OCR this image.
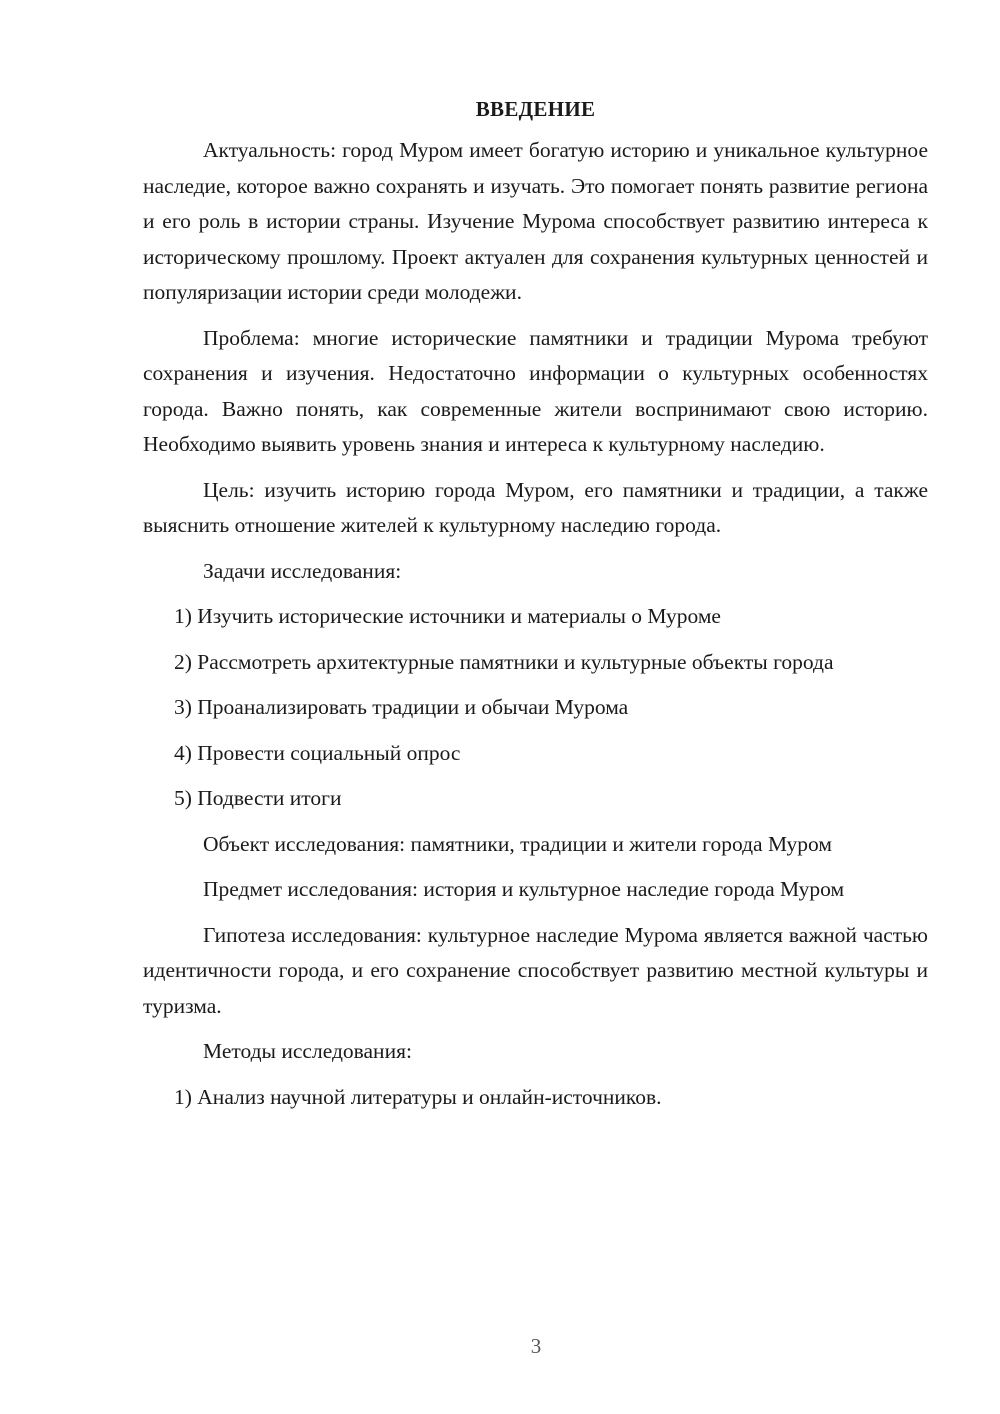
ВВЕДЕНИЕ

Актуальность: город Муром имеет богатую историю и уникальное культурное наследие, которое важно сохранять и изучать. Это помогает понять развитие региона и его роль в истории страны. Изучение Мурома способствует развитию интереса к историческому прошлому. Проект актуален для сохранения культурных ценностей и популяризации истории среди молодежи.

Проблема: многие исторические памятники и традиции Мурома требуют сохранения и изучения. Недостаточно информации о культурных особенностях города. Важно понять, как современные жители воспринимают свою историю. Необходимо выявить уровень знания и интереса к культурному наследию.

Цель: изучить историю города Муром, его памятники и традиции, а также выяснить отношение жителей к культурному наследию города.

Задачи исследования:

1) Изучить исторические источники и материалы о Муроме

2) Рассмотреть архитектурные памятники и культурные объекты города

3) Проанализировать традиции и обычаи Мурома

4) Провести социальный опрос

5) Подвести итоги

Объект исследования: памятники, традиции и жители города Муром

Предмет исследования: история и культурное наследие города Муром

Гипотеза исследования: культурное наследие Мурома является важной частью идентичности города, и его сохранение способствует развитию местной культуры и туризма.

Методы исследования:

1) Анализ научной литературы и онлайн-источников.

3
